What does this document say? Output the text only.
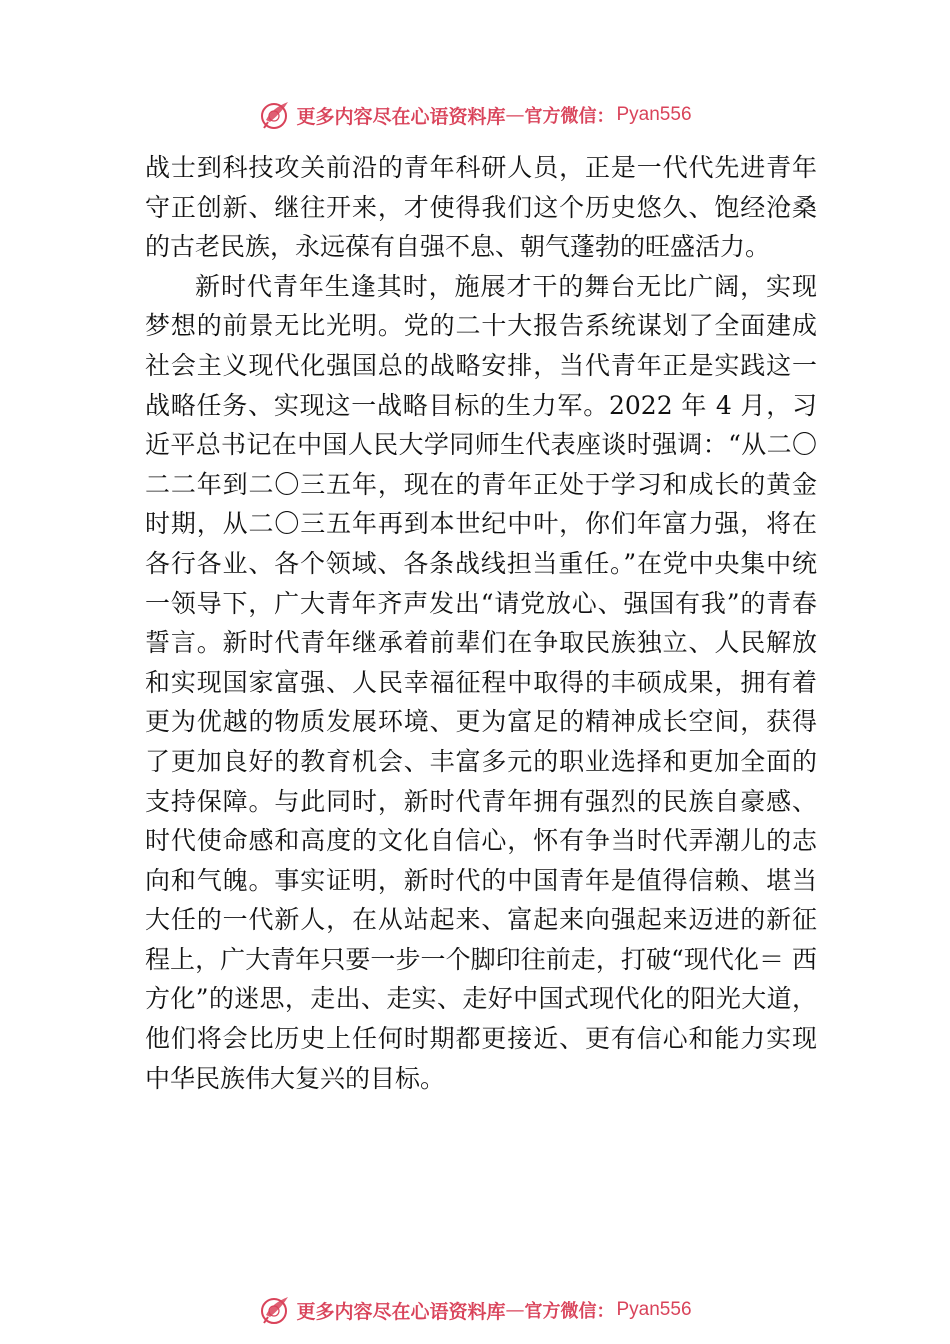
更多内容尽在心语资料库 — 官方微信： Pyan556

战士到科技攻关前沿的青年科研人员，正是一代代先进青年守正创新、继往开来，才使得我们这个历史悠久、饱经沧桑的古老民族，永远葆有自强不息、朝气蓬勃的旺盛活力。

新时代青年生逢其时，施展才干的舞台无比广阔，实现梦想的前景无比光明。党的二十大报告系统谋划了全面建成社会主义现代化强国总的战略安排，当代青年正是实践这一战略任务、实现这一战略目标的生力军。2022 年 4 月，习近平总书记在中国人民大学同师生代表座谈时强调：“从二〇二二年到二〇三五年，现在的青年正处于学习和成长的黄金时期，从二〇三五年再到本世纪中叶，你们年富力强，将在各行各业、各个领域、各条战线担当重任。”在党中央集中统一领导下，广大青年齐声发出“请党放心、强国有我”的青春誓言。新时代青年继承着前辈们在争取民族独立、人民解放和实现国家富强、人民幸福征程中取得的丰硕成果，拥有着更为优越的物质发展环境、更为富足的精神成长空间，获得了更加良好的教育机会、丰富多元的职业选择和更加全面的支持保障。与此同时，新时代青年拥有强烈的民族自豪感、时代使命感和高度的文化自信心，怀有争当时代弄潮儿的志向和气魄。事实证明，新时代的中国青年是值得信赖、堪当大任的一代新人，在从站起来、富起来向强起来迈进的新征程上，广大青年只要一步一个脚印往前走，打破“现代化＝ 西方化”的迷思，走出、走实、走好中国式现代化的阳光大道，他们将会比历史上任何时期都更接近、更有信心和能力实现中华民族伟大复兴的目标。

更多内容尽在心语资料库 — 官方微信： Pyan556
